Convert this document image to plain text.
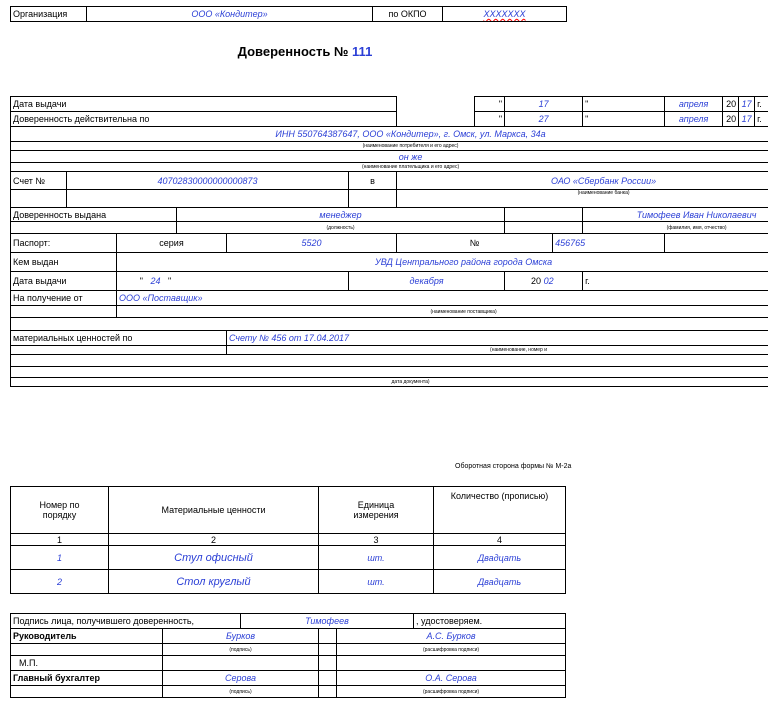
Организация	ООО «Кондитер»	по ОКПО	ХХХХХХХ
Доверенность № 111
Дата выдачи							"	17		"	апреля	20	17	г.
Доверенность действительна по							"	27		"	апреля	20	17	г.
ИНН 550764387647, ООО «Кондитер», г. Омск, ул. Маркса, 34а														
(наименование потребителя и его адрес)														
он же														
(наименование плательщика и его адрес)														
Счет №	40702830000000000873				в	ОАО «Сбербанк России»								
						(наименование банка)								
Доверенность выдана			менеджер							Тимофеев Иван Николаевич				
			(должность)							(фамилия, имя, отчество)				
Паспорт:		серия		5520		№			456765					
Кем выдан		УВД Центрального района города Омска												
Дата выдачи		" 24 "			декабря			20 02		г.				
На получение от		ООО «Поставщик»												
		(наименование поставщика)												

материальных ценностей по				Счету № 456 от 17.04.2017										
				(наименование, номер и										

дата документа)														
Оборотная сторона формы № М-2а
Номер по порядку	Материальные ценности	Единица измерения	Количество (прописью)
1	2	3	4
1	Стул офисный	шт.	Двадцать
2	Стол круглый	шт.	Двадцать
Подпись лица, получившего доверенность,		Тимофеев			, удостоверяем.
Руководитель	Бурков			А.С. Бурков	
	(подпись)			(расшифровка подписи)	
М.П.					
Главный бухгалтер	Серова			О.А. Серова	
	(подпись)			(расшифровка подписи)	
